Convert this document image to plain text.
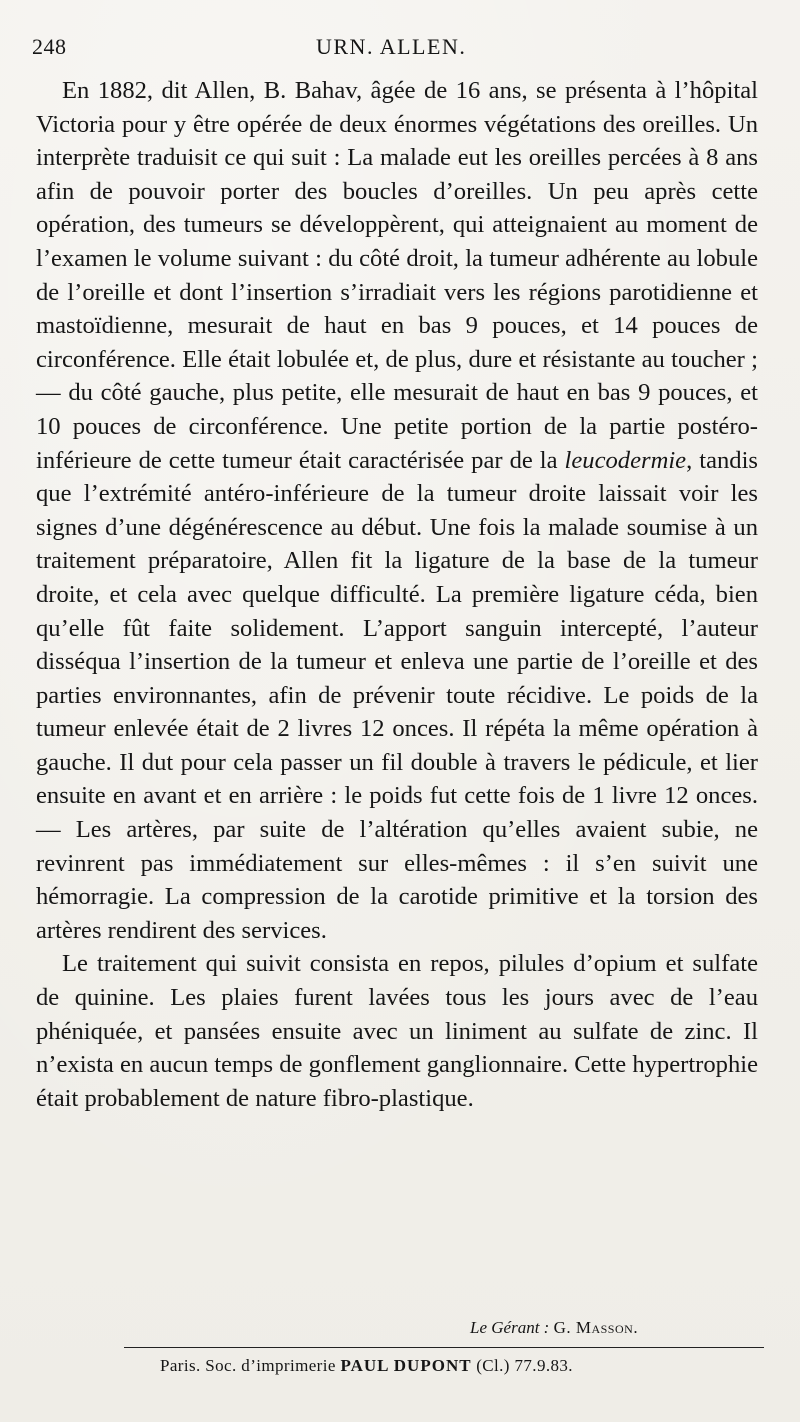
248	URN. ALLEN.

En 1882, dit Allen, B. Bahav, âgée de 16 ans, se présenta à l’hôpital Victoria pour y être opérée de deux énormes végétations des oreilles. Un interprète traduisit ce qui suit : La malade eut les oreilles percées à 8 ans afin de pouvoir porter des boucles d’oreilles. Un peu après cette opération, des tumeurs se développèrent, qui atteignaient au moment de l’examen le volume suivant : du côté droit, la tumeur adhérente au lobule de l’oreille et dont l’insertion s’irradiait vers les régions parotidienne et mastoïdienne, mesurait de haut en bas 9 pouces, et 14 pouces de circonférence. Elle était lobulée et, de plus, dure et résistante au toucher ; — du côté gauche, plus petite, elle mesurait de haut en bas 9 pouces, et 10 pouces de circonférence. Une petite portion de la partie postéro-inférieure de cette tumeur était caractérisée par de la leucodermie, tandis que l’extrémité antéro-inférieure de la tumeur droite laissait voir les signes d’une dégénérescence au début. Une fois la malade soumise à un traitement préparatoire, Allen fit la ligature de la base de la tumeur droite, et cela avec quelque difficulté. La première ligature céda, bien qu’elle fût faite solidement. L’apport sanguin intercepté, l’auteur disséqua l’insertion de la tumeur et enleva une partie de l’oreille et des parties environnantes, afin de prévenir toute récidive. Le poids de la tumeur enlevée était de 2 livres 12 onces. Il répéta la même opération à gauche. Il dut pour cela passer un fil double à travers le pédicule, et lier ensuite en avant et en arrière : le poids fut cette fois de 1 livre 12 onces. — Les artères, par suite de l’altération qu’elles avaient subie, ne revinrent pas immédiatement sur elles-mêmes : il s’en suivit une hémorragie. La compression de la carotide primitive et la torsion des artères rendirent des services.

Le traitement qui suivit consista en repos, pilules d’opium et sulfate de quinine. Les plaies furent lavées tous les jours avec de l’eau phéniquée, et pansées ensuite avec un liniment au sulfate de zinc. Il n’exista en aucun temps de gonflement ganglionnaire. Cette hypertrophie était probablement de nature fibro-plastique.

Le Gérant : G. Masson.
Paris. Soc. d’imprimerie PAUL DUPONT (Cl.) 77.9.83.
